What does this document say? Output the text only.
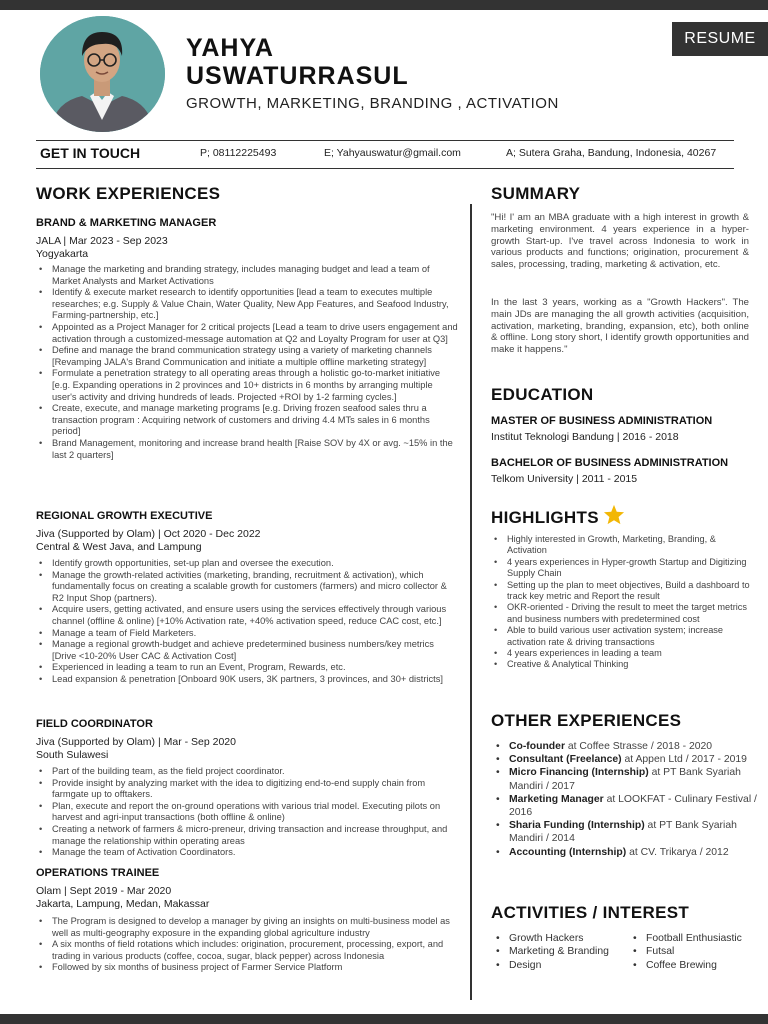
YAHYA
USWATURRASUL
GROWTH, MARKETING, BRANDING , ACTIVATION
RESUME
GET IN TOUCH	P; 08112225493	E; Yahyauswatur@gmail.com	A; Sutera Graha, Bandung, Indonesia, 40267
WORK EXPERIENCES
BRAND & MARKETING MANAGER
JALA | Mar 2023 - Sep 2023
Yogyakarta
• Manage the marketing and branding strategy, includes managing budget and lead a team of Market Analysts and Market Activations
• Identify & execute market research to identify opportunities [lead a team to executes multiple researches; e.g. Supply & Value Chain, Water Quality, New App Features, and Seafood Industry, Farming-partnership, etc.]
• Appointed as a Project Manager for 2 critical projects [Lead a team to drive users engagement and activation through a customized-message automation at Q2 and Loyalty Program for user at Q3]
• Define and manage the brand communication strategy using a variety of marketing channels [Revamping JALA's Brand Communication and initiate a multiple offline marketing strategy]
• Formulate a penetration strategy to all operating areas through a holistic go-to-market initiative [e.g. Expanding operations in 2 provinces and 10+ districts in 6 months by arranging multiple user's activity and driving hundreds of leads. Projected +ROI by 1-2 farming cycles.]
• Create, execute, and manage marketing programs [e.g. Driving frozen seafood sales thru a transaction program : Acquiring network of customers and driving 4.4 MTs sales in 6 months period]
• Brand Management, monitoring and increase brand health [Raise SOV by 4X or avg. ~15% in the last 2 quarters]
REGIONAL GROWTH EXECUTIVE
Jiva (Supported by Olam) | Oct 2020 - Dec 2022
Central & West Java, and Lampung
• Identify growth opportunities, set-up plan and oversee the execution.
• Manage the growth-related activities (marketing, branding, recruitment & activation), which fundamentally focus on creating a scalable growth for customers (farmers) and micro collector & R2 Input Shop (partners).
• Acquire users, getting activated, and ensure users using the services effectively through various channel (offline & online) [+10% Activation rate, +40% activation speed, reduce CAC cost, etc.]
• Manage a team of Field Marketers.
• Manage a regional growth-budget and achieve predetermined business numbers/key metrics [Drive <10-20% User CAC & Activation Cost]
• Experienced in leading a team to run an Event, Program, Rewards, etc.
• Lead expansion & penetration [Onboard 90K users, 3K partners, 3 provinces, and 30+ districts]
FIELD COORDINATOR
Jiva (Supported by Olam) | Mar - Sep 2020
South Sulawesi
• Part of the building team, as the field project coordinator.
• Provide insight by analyzing market with the idea to digitizing end-to-end supply chain from farmgate up to offtakers.
• Plan, execute and report the on-ground operations with various trial model. Executing pilots on harvest and agri-input transactions (both offline & online)
• Creating a network of farmers & micro-preneur, driving transaction and increase throughput, and manage the relationship within operating areas
• Manage the team of Activation Coordinators.
OPERATIONS TRAINEE
Olam | Sept 2019 - Mar 2020
Jakarta, Lampung, Medan, Makassar
• The Program is designed to develop a manager by giving an insights on multi-business model as well as multi-geography exposure in the expanding global agriculture industry
• A six months of field rotations which includes: origination, procurement, processing, export, and trading in various products (coffee, cocoa, sugar, black pepper) across Indonesia
• Followed by six months of business project of Farmer Service Platform
SUMMARY
"Hi! I' am an MBA graduate with a high interest in growth & marketing environment. 4 years experience in a hyper-growth Start-up. I've travel across Indonesia to work in various products and functions; origination, procurement & sales, processing, trading, marketing & activation, etc.
In the last 3 years, working as a "Growth Hackers". The main JDs are managing the all growth activities (acquisition, activation, marketing, branding, expansion, etc), both online & offline. Long story short, I identify growth opportunities and make it happens."
EDUCATION
MASTER OF BUSINESS ADMINISTRATION
Institut Teknologi Bandung | 2016 - 2018
BACHELOR OF BUSINESS ADMINISTRATION
Telkom University | 2011 - 2015
HIGHLIGHTS
• Highly interested in Growth, Marketing, Branding, & Activation
• 4 years experiences in Hyper-growth Startup and Digitizing Supply Chain
• Setting up the plan to meet objectives, Build a dashboard to track key metric and Report the result
• OKR-oriented - Driving the result to meet the target metrics and business numbers with predetermined cost
• Able to build various user activation system; increase activation rate & driving transactions
• 4 years experiences in leading a team
• Creative & Analytical Thinking
OTHER EXPERIENCES
• Co-founder at Coffee Strasse / 2018 - 2020
• Consultant (Freelance) at Appen Ltd / 2017 - 2019
• Micro Financing (Internship) at PT Bank Syariah Mandiri / 2017
• Marketing Manager at LOOKFAT - Culinary Festival / 2016
• Sharia Funding (Internship) at PT Bank Syariah Mandiri / 2014
• Accounting (Internship) at CV. Trikarya / 2012
ACTIVITIES / INTEREST
• Growth Hackers
• Marketing & Branding
• Design
• Football Enthusiastic
• Futsal
• Coffee Brewing
